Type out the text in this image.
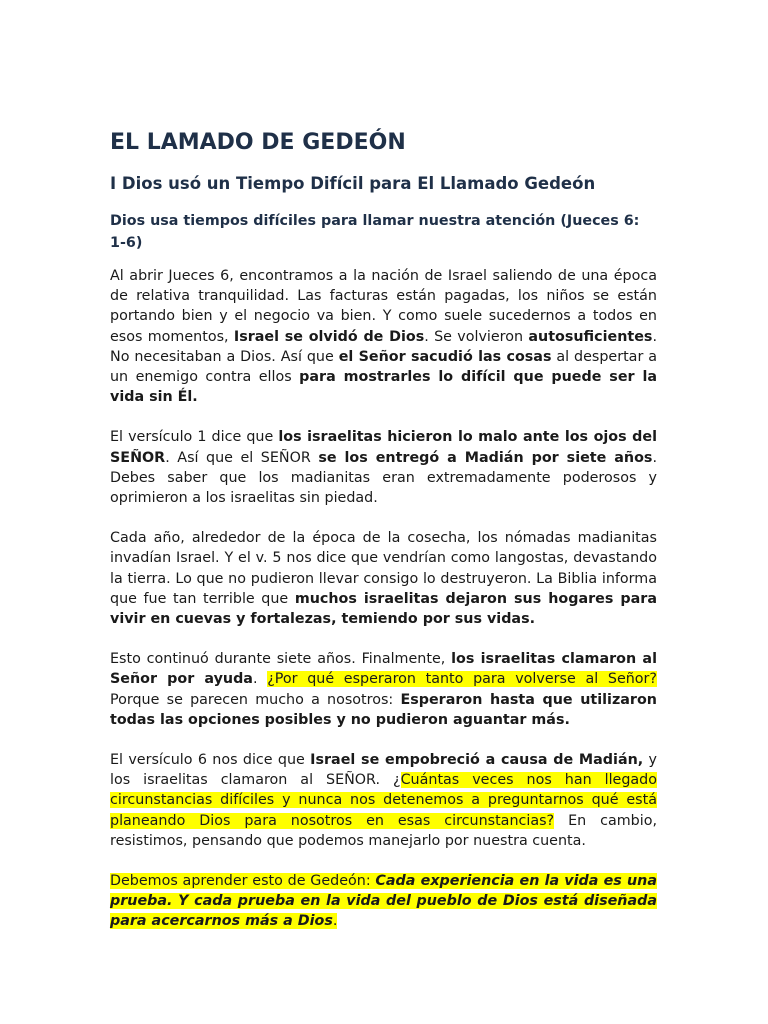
EL LAMADO DE GEDEÓN
I Dios usó un Tiempo Difícil para El Llamado Gedeón
Dios usa tiempos difíciles para llamar nuestra atención (Jueces 6: 1-6)

Al abrir Jueces 6, encontramos a la nación de Israel saliendo de una época de relativa tranquilidad. Las facturas están pagadas, los niños se están portando bien y el negocio va bien. Y como suele sucedernos a todos en esos momentos, Israel se olvidó de Dios. Se volvieron autosuficientes. No necesitaban a Dios. Así que el Señor sacudió las cosas al despertar a un enemigo contra ellos para mostrarles lo difícil que puede ser la vida sin Él.

El versículo 1 dice que los israelitas hicieron lo malo ante los ojos del SEÑOR. Así que el SEÑOR se los entregó a Madián por siete años. Debes saber que los madianitas eran extremadamente poderosos y oprimieron a los israelitas sin piedad.

Cada año, alrededor de la época de la cosecha, los nómadas madianitas invadían Israel. Y el v. 5 nos dice que vendrían como langostas, devastando la tierra. Lo que no pudieron llevar consigo lo destruyeron. La Biblia informa que fue tan terrible que muchos israelitas dejaron sus hogares para vivir en cuevas y fortalezas, temiendo por sus vidas.

Esto continuó durante siete años. Finalmente, los israelitas clamaron al Señor por ayuda. ¿Por qué esperaron tanto para volverse al Señor? Porque se parecen mucho a nosotros: Esperaron hasta que utilizaron todas las opciones posibles y no pudieron aguantar más.

El versículo 6 nos dice que Israel se empobreció a causa de Madián, y los israelitas clamaron al SEÑOR. ¿Cuántas veces nos han llegado circunstancias difíciles y nunca nos detenemos a preguntarnos qué está planeando Dios para nosotros en esas circunstancias? En cambio, resistimos, pensando que podemos manejarlo por nuestra cuenta.

Debemos aprender esto de Gedeón: Cada experiencia en la vida es una prueba. Y cada prueba en la vida del pueblo de Dios está diseñada para acercarnos más a Dios.
